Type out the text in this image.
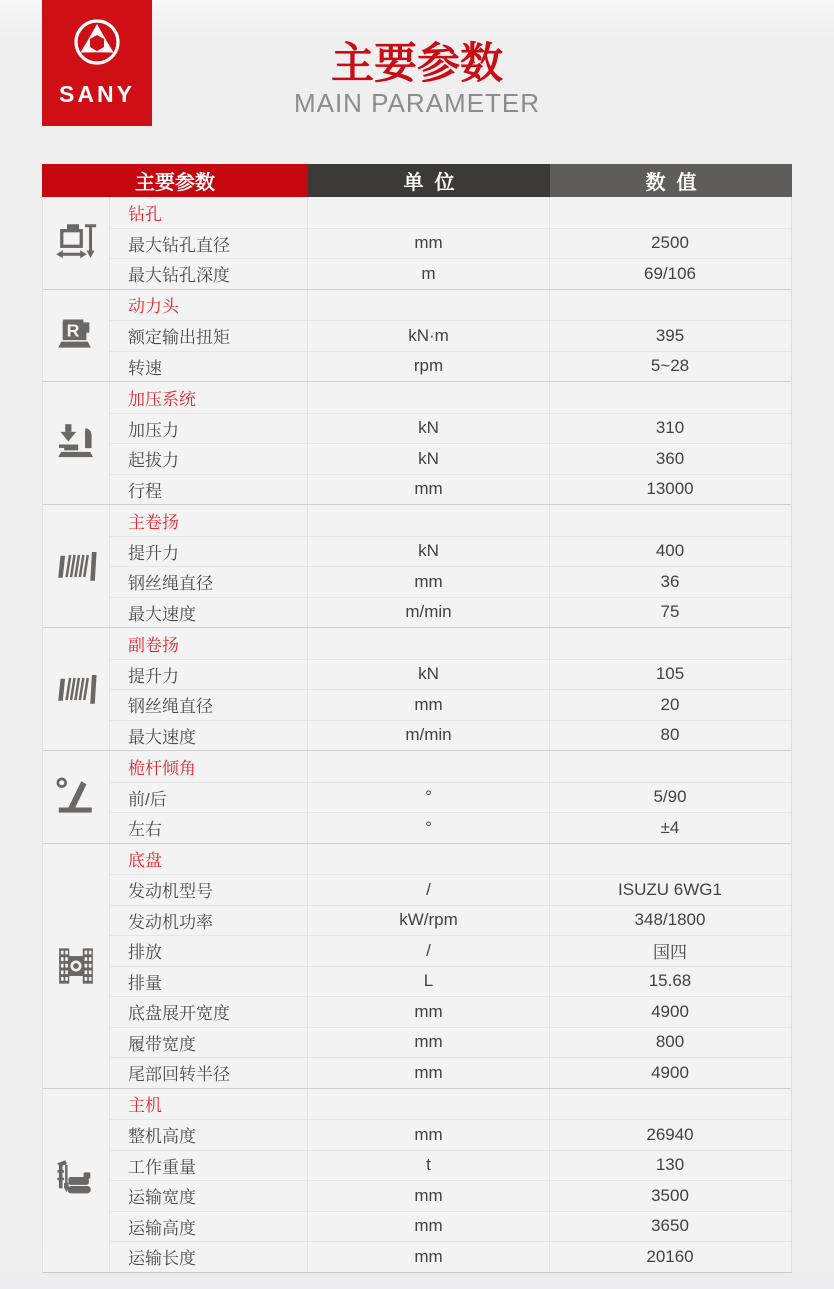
SANY
主要参数
MAIN PARAMETER
主要参数	单  位	数  值
钻孔
最大钻孔直径	mm	2500
最大钻孔深度	m	69/106
R
动力头
额定输出扭矩	kN·m	395
转速	rpm	5~28
加压系统
加压力	kN	310
起拔力	kN	360
行程	mm	13000
主卷扬
提升力	kN	400
钢丝绳直径	mm	36
最大速度	m/min	75
副卷扬
提升力	kN	105
钢丝绳直径	mm	20
最大速度	m/min	80
桅杆倾角
前/后	°	5/90
左右	°	±4
底盘
发动机型号	/	ISUZU 6WG1
发动机功率	kW/rpm	348/1800
排放	/	国四
排量	L	15.68
底盘展开宽度	mm	4900
履带宽度	mm	800
尾部回转半径	mm	4900
主机
整机高度	mm	26940
工作重量	t	130
运输宽度	mm	3500
运输高度	mm	3650
运输长度	mm	20160
